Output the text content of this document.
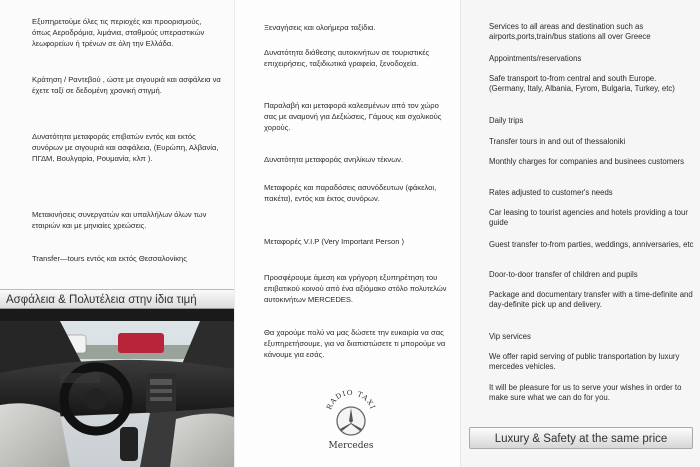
Εξυπηρετούμε όλες τις περιοχές και προορισμούς, όπως Αεροδρόμια, λιμάνια, σταθμούς υπεραστικών λεωφορείων ή τρένων σε όλη την Ελλάδα.

Κράτηση / Ραντεβού , ώστε με σιγουριά και ασφάλεια να έχετε ταξί σε δεδομένη χρονική στιγμή.

Δυνατότητα μεταφοράς επιβατών εντός και εκτός συνόρων με σιγουριά και ασφάλεια, (Ευρώπη, Αλβανία, ΠΓΔΜ, Βουλγαρία, Ρουμανία, κλπ ).

Μετακινήσεις συνεργατών και υπαλλήλων όλων των εταιριών και με μηνιαίες χρεώσεις.

Transfer—tours εντός και εκτός Θεσσαλονίκης

Ασφάλεια & Πολυτέλεια στην ίδια τιμή

Ξεναγήσεις και ολοήμερα ταξίδια.

Δυνατότητα διάθεσης αυτοκινήτων σε τουριστικές επιχειρήσεις, ταξιδιωτικά γραφεία, ξενοδοχεία.

Παραλαβή και μεταφορά καλεσμένων από τον χώρο σας με αναμονή για Δεξιώσεις, Γάμους και σχολικούς χορούς.

Δυνατότητα μεταφοράς ανηλίκων τέκνων.

Μεταφορές και παραδόσεις ασυνόδευτων (φάκελοι, πακέτα), εντός και έκτος συνόρων.

Μεταφορές V.I.P (Very Important Person )

Προσφέρουμε άμεση και γρήγορη εξυπηρέτηση του επιβατικού κοινού από ένα αξιόμακο στόλο πολυτελών αυτοκινήτων MERCEDES.

Θα χαρούμε πολύ να μας δώσετε την ευκαιρία να σας εξυπηρετήσουμε, για να διαπιστώσετε τι μπορούμε να κάνουμε για εσάς.

RADIO TAXI
Mercedes

Services to all areas and destination such as airports,ports,train/bus stations all over Greece

Appointments/reservations

Safe transport to-from central and south Europe. (Germany, Italy, Albania, Fyrom, Bulgaria, Turkey, etc)

Daily trips

Transfer tours in and out of thessaloniki

Monthly charges for companies and businees customers

Rates adjusted to customer's needs

Car leasing to tourist agencies and hotels providing a tour guide

Guest transfer to-from parties, weddings, anniversaries, etc

Door-to-door transfer of children and pupils

Package and documentary transfer with a time-definite and day-definite pick up and delivery.

Vip services

We offer rapid serving of public transportation by luxury mercedes vehicles.

It will be pleasure for us to serve your wishes in order to make sure what we can do for you.

Luxury & Safety at the same price
